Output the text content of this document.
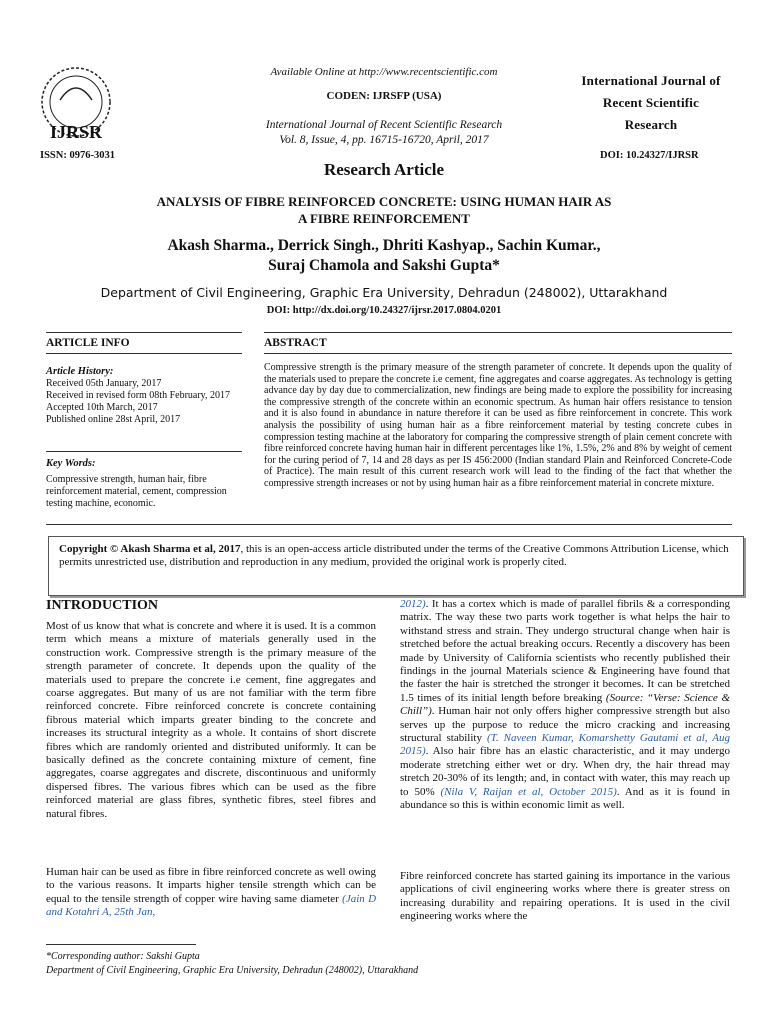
IJRSR
ISSN: 0976-3031
Available Online at http://www.recentscientific.com
CODEN: IJRSFP (USA)
International Journal of Recent Scientific Research
Vol. 8, Issue, 4, pp. 16715-16720, April, 2017
International Journal of
Recent Scientific
Research
DOI: 10.24327/IJRSR
Research Article
ANALYSIS OF FIBRE REINFORCED CONCRETE: USING HUMAN HAIR AS
A FIBRE REINFORCEMENT
Akash Sharma., Derrick Singh., Dhriti Kashyap., Sachin Kumar.,
Suraj Chamola and Sakshi Gupta*
Department of Civil Engineering, Graphic Era University, Dehradun (248002), Uttarakhand
DOI: http://dx.doi.org/10.24327/ijrsr.2017.0804.0201
ARTICLE INFO	ABSTRACT
Article History:
Received 05th January, 2017
Received in revised form 08th February, 2017
Accepted 10th March, 2017
Published online 28st April, 2017
Key Words:
Compressive strength, human hair, fibre reinforcement material, cement, compression testing machine, economic.
Compressive strength is the primary measure of the strength parameter of concrete. It depends upon the quality of the materials used to prepare the concrete i.e cement, fine aggregates and coarse aggregates. As technology is getting advance day by day due to commercialization, new findings are being made to explore the possibility for increasing the compressive strength of the concrete within an economic spectrum. As human hair offers resistance to tension and it is also found in abundance in nature therefore it can be used as fibre reinforcement in concrete. This work analysis the possibility of using human hair as a fibre reinforcement material by testing concrete cubes in compression testing machine at the laboratory for comparing the compressive strength of plain cement concrete with fibre reinforced concrete having human hair in different percentages like 1%, 1.5%, 2% and 8% by weight of cement for the curing period of 7, 14 and 28 days as per IS 456:2000 (Indian standard Plain and Reinforced Concrete-Code of Practice). The main result of this current research work will lead to the finding of the fact that whether the compressive strength increases or not by using human hair as a fibre reinforcement material in concrete mixture.
Copyright © Akash Sharma et al, 2017, this is an open-access article distributed under the terms of the Creative Commons Attribution License, which permits unrestricted use, distribution and reproduction in any medium, provided the original work is properly cited.
INTRODUCTION
Most of us know that what is concrete and where it is used. It is a common term which means a mixture of materials generally used in the construction work. Compressive strength is the primary measure of the strength parameter of concrete. It depends upon the quality of the materials used to prepare the concrete i.e cement, fine aggregates and coarse aggregates. But many of us are not familiar with the term fibre reinforced concrete. Fibre reinforced concrete is concrete containing fibrous material which imparts greater binding to the concrete and increases its structural integrity as a whole. It contains of short discrete fibres which are randomly oriented and distributed uniformly. It can be basically defined as the concrete containing mixture of cement, fine aggregates, coarse aggregates and discrete, discontinuous and uniformly dispersed fibres. The various fibres which can be used as the fibre reinforced material are glass fibres, synthetic fibres, steel fibres and natural fibres.
Human hair can be used as fibre in fibre reinforced concrete as well owing to the various reasons. It imparts higher tensile strength which can be equal to the tensile strength of copper wire having same diameter (Jain D and Kotahri A, 25th Jan,
2012). It has a cortex which is made of parallel fibrils & a corresponding matrix. The way these two parts work together is what helps the hair to withstand stress and strain. They undergo structural change when hair is stretched before the actual breaking occurs. Recently a discovery has been made by University of California scientists who recently published their findings in the journal Materials science & Engineering have found that the faster the hair is stretched the stronger it becomes. It can be stretched 1.5 times of its initial length before breaking (Source: “Verse: Science & Chill”). Human hair not only offers higher compressive strength but also serves up the purpose to reduce the micro cracking and increasing structural stability (T. Naveen Kumar, Komarshetty Gautami et al, Aug 2015). Also hair fibre has an elastic characteristic, and it may undergo moderate stretching either wet or dry. When dry, the hair thread may stretch 20-30% of its length; and, in contact with water, this may reach up to 50% (Nila V, Raijan et al, October 2015). And as it is found in abundance so this is within economic limit as well.
Fibre reinforced concrete has started gaining its importance in the various applications of civil engineering works where there is greater stress on increasing durability and repairing operations. It is used in the civil engineering works where the
*Corresponding author: Sakshi Gupta
Department of Civil Engineering, Graphic Era University, Dehradun (248002), Uttarakhand
